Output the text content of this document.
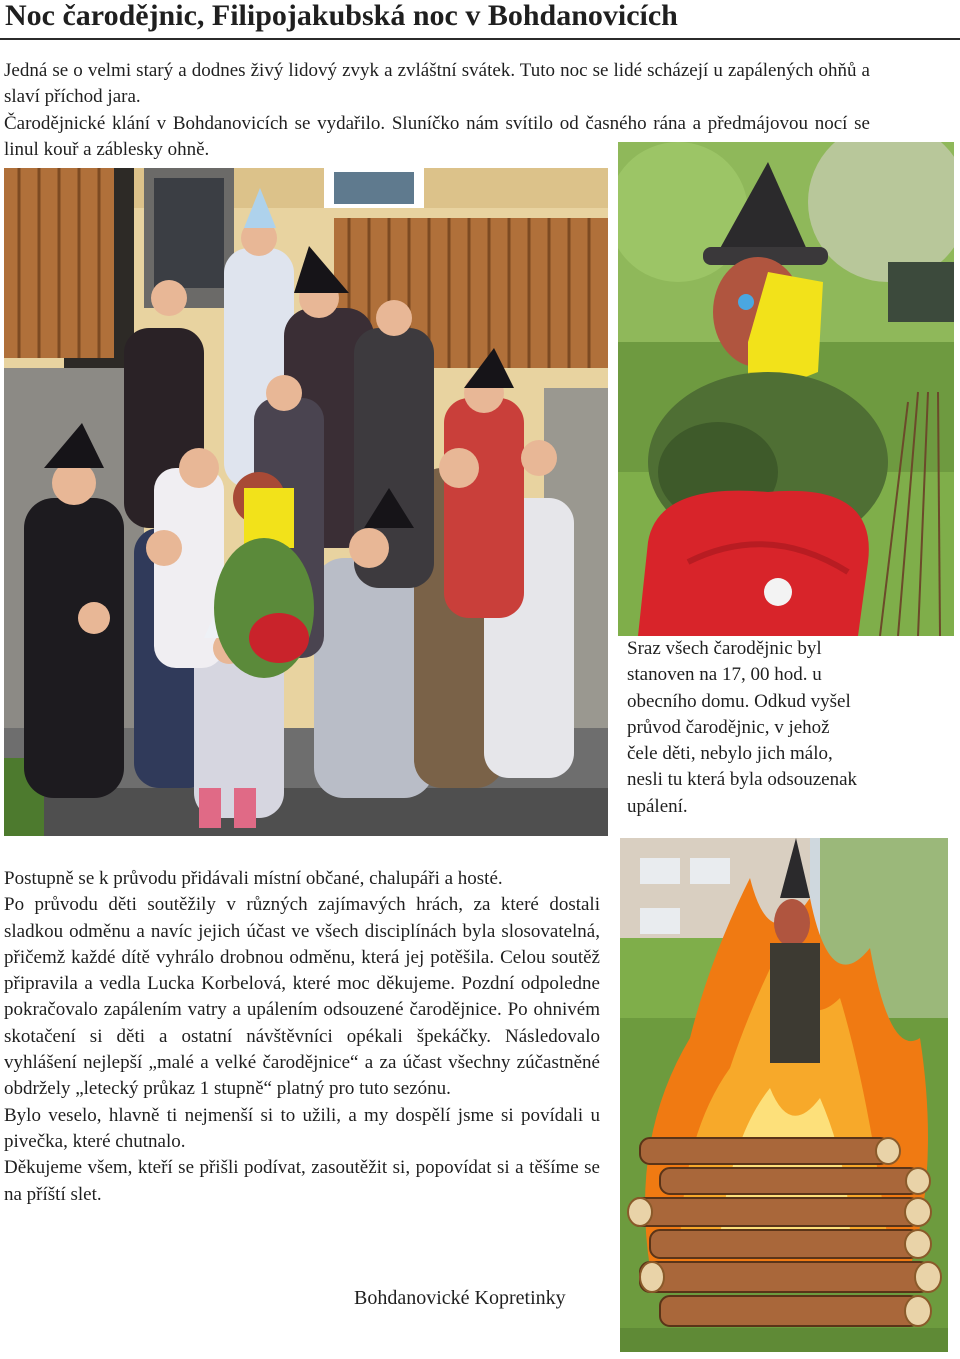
Noc čarodějnic, Filipojakubská noc v Bohdanovicích

Jedná se o velmi starý a dodnes živý lidový zvyk a zvláštní svátek. Tuto noc se lidé scházejí u zapálených ohňů a slaví příchod jara.

Čarodějnické klání v Bohdanovicích se vydařilo. Sluníčko nám svítilo od časného rána a předmájovou nocí se linul kouř a záblesky ohně.

Sraz všech čarodějnic byl stanoven na 17, 00 hod. u obecního domu. Odkud vyšel průvod čarodějnic, v jehož čele děti, nebylo jich málo, nesli tu která byla odsouzenak upálení.

Postupně se k průvodu přidávali místní občané, chalupáři a hosté.

Po průvodu děti soutěžily v různých zajímavých hrách, za které dostali sladkou odměnu a navíc jejich účast ve všech disciplínách byla slosovatelná, přičemž každé dítě vyhrálo drobnou odměnu, která jej potěšila. Celou soutěž připravila a vedla Lucka Korbelová, které moc děkujeme. Pozdní odpoledne pokračovalo zapálením vatry a upálením odsouzené čarodějnice. Po ohnivém skotačení si děti a ostatní návštěvníci opékali špekáčky. Následovalo vyhlášení nejlepší „malé a velké čarodějnice“ a za účast všechny zúčastněné obdržely „letecký průkaz 1 stupně“ platný pro tuto sezónu.

Bylo veselo, hlavně ti nejmenší si to užili, a my dospělí jsme si povídali u pivečka, které chutnalo.

Děkujeme všem, kteří se přišli podívat, zasoutěžit si, popovídat si a těšíme se na příští slet.

Bohdanovické Kopretinky
